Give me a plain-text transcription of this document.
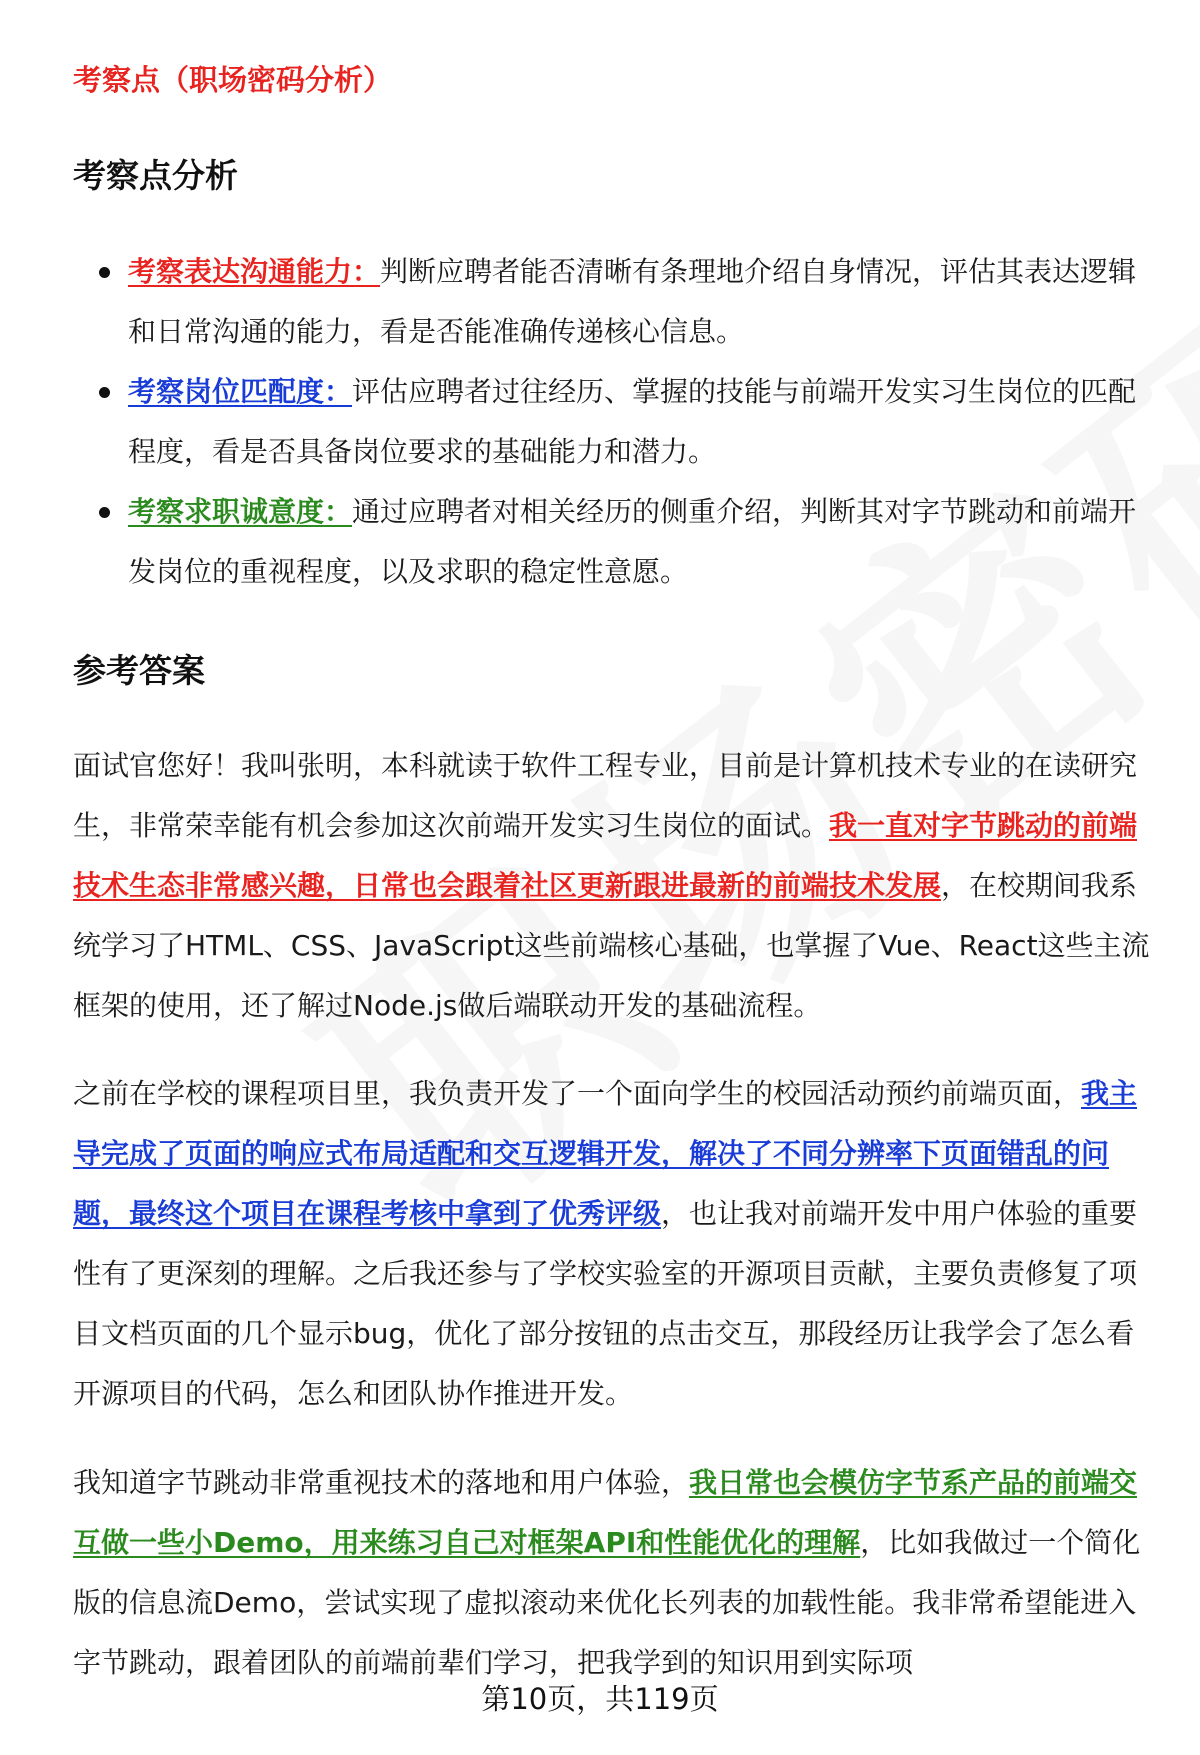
考察点（职场密码分析）
考察点分析
考察表达沟通能力：判断应聘者能否清晰有条理地介绍自身情况，评估其表达逻辑和日常沟通的能力，看是否能准确传递核心信息。
考察岗位匹配度：评估应聘者过往经历、掌握的技能与前端开发实习生岗位的匹配程度，看是否具备岗位要求的基础能力和潜力。
考察求职诚意度：通过应聘者对相关经历的侧重介绍，判断其对字节跳动和前端开发岗位的重视程度，以及求职的稳定性意愿。
参考答案

面试官您好！我叫张明，本科就读于软件工程专业，目前是计算机技术专业的在读研究生，非常荣幸能有机会参加这次前端开发实习生岗位的面试。我一直对字节跳动的前端技术生态非常感兴趣，日常也会跟着社区更新跟进最新的前端技术发展，在校期间我系统学习了HTML、CSS、JavaScript这些前端核心基础，也掌握了Vue、React这些主流框架的使用，还了解过Node.js做后端联动开发的基础流程。

之前在学校的课程项目里，我负责开发了一个面向学生的校园活动预约前端页面，我主导完成了页面的响应式布局适配和交互逻辑开发，解决了不同分辨率下页面错乱的问题，最终这个项目在课程考核中拿到了优秀评级，也让我对前端开发中用户体验的重要性有了更深刻的理解。之后我还参与了学校实验室的开源项目贡献，主要负责修复了项目文档页面的几个显示bug，优化了部分按钮的点击交互，那段经历让我学会了怎么看开源项目的代码，怎么和团队协作推进开发。

我知道字节跳动非常重视技术的落地和用户体验，我日常也会模仿字节系产品的前端交互做一些小Demo，用来练习自己对框架API和性能优化的理解，比如我做过一个简化版的信息流Demo，尝试实现了虚拟滚动来优化长列表的加载性能。我非常希望能进入字节跳动，跟着团队的前端前辈们学习，把我学到的知识用到实际项

第10页，共119页
